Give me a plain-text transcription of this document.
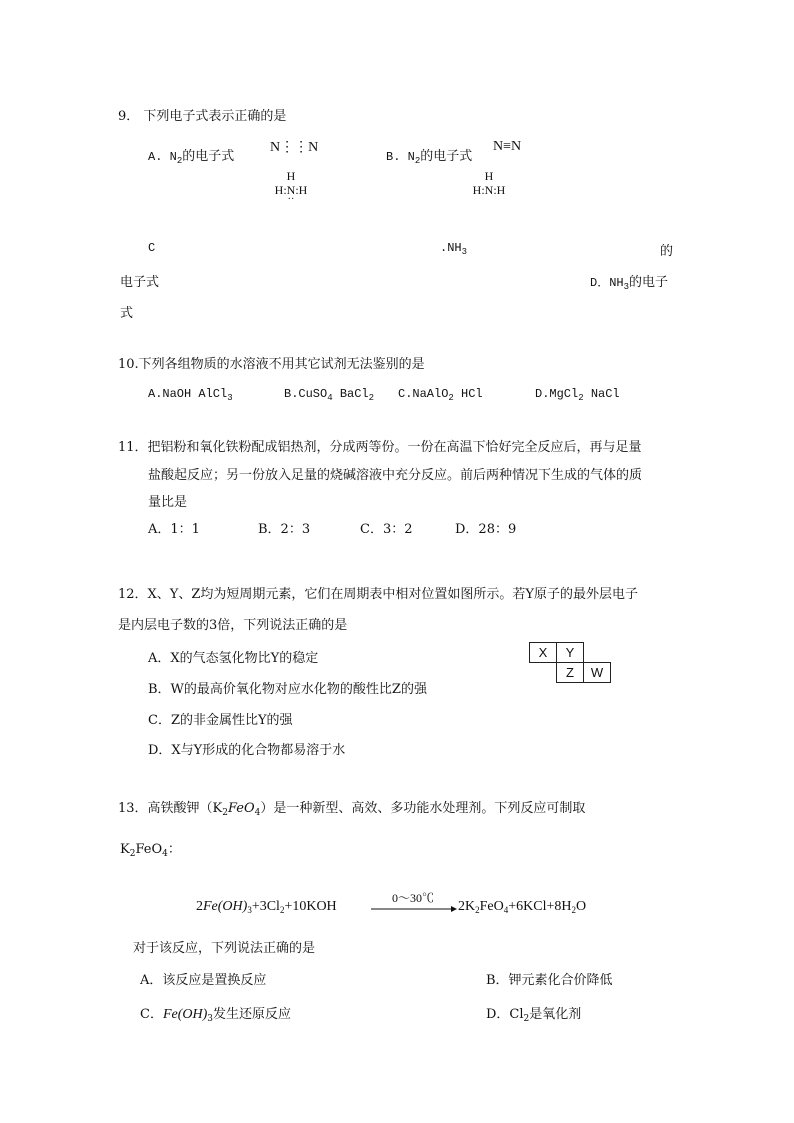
9． 下列电子式表示正确的是
A. $N_2$的电子式
N⋮⋮N
B. $N_2$的电子式
N≡N
H
H:N:H
··
H
H:N:H
C	$.NH_3$	的
电子式	D．$NH_3$的电子
式
10.下列各组物质的水溶液不用其它试剂无法鉴别的是
A.NaOH AlCl$_3$	B.CuSO$_4$ BaCl$_2$ C.NaAlO$_2$ HCl	D.MgCl$_2$ NaCl
11．把铝粉和氧化铁粉配成铝热剂，分成两等份。一份在高温下恰好完全反应后，再与足量
盐酸起反应；另一份放入足量的烧碱溶液中充分反应。前后两种情况下生成的气体的质
量比是
A．1：1	B．2：3	C．3：2	D．28：9
12．X、Y、Z均为短周期元素，它们在周期表中相对位置如图所示。若Y原子的最外层电子
是内层电子数的3倍，下列说法正确的是
A．X的气态氢化物比Y的稳定
B．W的最高价氧化物对应水化物的酸性比Z的强
C．Z的非金属性比Y的强
D．X与Y形成的化合物都易溶于水
X	Y	
	Z	W
13．高铁酸钾$(K_2FeO_4)$是一种新型、高效、多功能水处理剂。下列反应可制取
$K_2FeO_4$：
$2Fe(OH)_3+3Cl_2+10KOH$
0～30℃
$2K_2FeO_4+6KCl+8H_2O$
对于该反应，下列说法正确的是
A．该反应是置换反应	B．钾元素化合价降低
C．$Fe(OH)_3$发生还原反应	D．$Cl_2$是氧化剂
